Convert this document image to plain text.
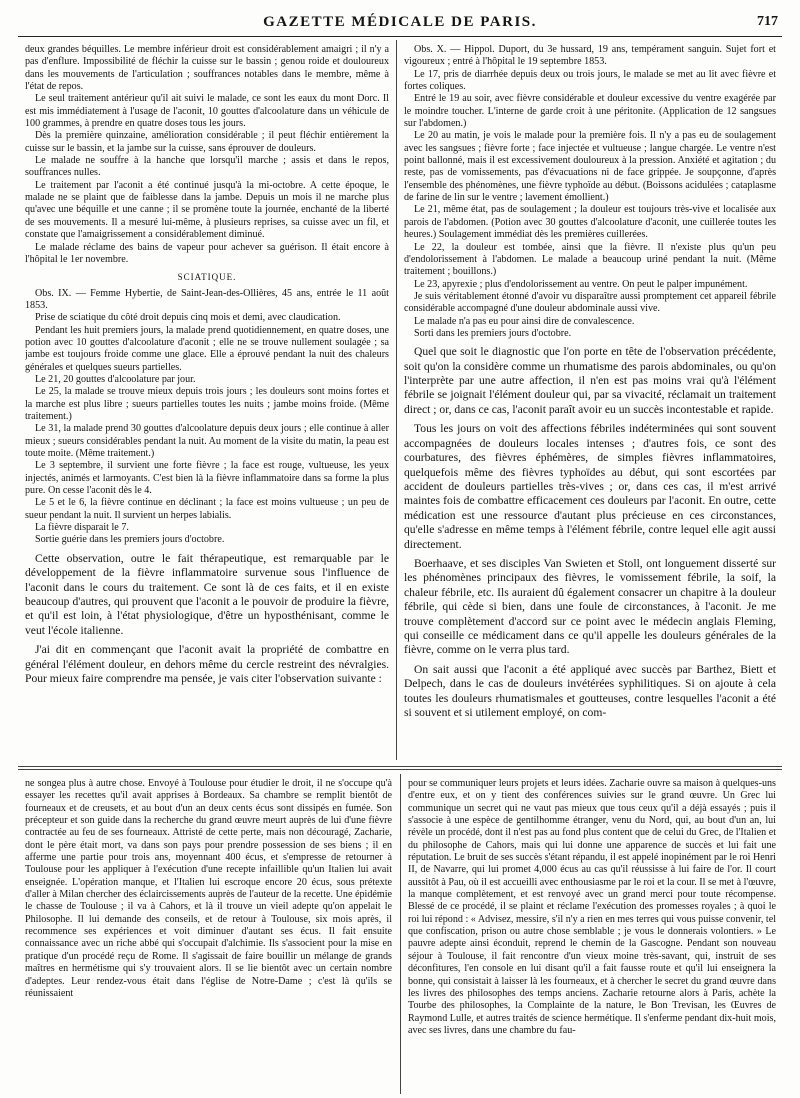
GAZETTE MÉDICALE DE PARIS.	717

deux grandes béquilles. Le membre inférieur droit est considérablement amaigri ; il n'y a pas d'enflure. Impossibilité de fléchir la cuisse sur le bassin ; genou roide et douloureux dans les mouvements de l'articulation ; souffrances notables dans le membre, même à l'état de repos.

Le seul traitement antérieur qu'il ait suivi le malade, ce sont les eaux du mont Dorc. Il est mis immédiatement à l'usage de l'aconit, 10 gouttes d'alcoolature dans un véhicule de 100 grammes, à prendre en quatre doses tous les jours.

Dès la première quinzaine, amélioration considérable ; il peut fléchir entièrement la cuisse sur le bassin, et la jambe sur la cuisse, sans éprouver de douleurs.

Le malade ne souffre à la hanche que lorsqu'il marche ; assis et dans le repos, souffrances nulles.

Le traitement par l'aconit a été continué jusqu'à la mi-octobre. A cette époque, le malade ne se plaint que de faiblesse dans la jambe. Depuis un mois il ne marche plus qu'avec une béquille et une canne ; il se promène toute la journée, enchanté de la liberté de ses mouvements. Il a mesuré lui-même, à plusieurs reprises, sa cuisse avec un fil, et constate que l'amaigrissement a considérablement diminué.

Le malade réclame des bains de vapeur pour achever sa guérison. Il était encore à l'hôpital le 1er novembre.

SCIATIQUE.

Obs. IX. — Femme Hybertie, de Saint-Jean-des-Ollières, 45 ans, entrée le 11 août 1853.

Prise de sciatique du côté droit depuis cinq mois et demi, avec claudication.

Pendant les huit premiers jours, la malade prend quotidiennement, en quatre doses, une potion avec 10 gouttes d'alcoolature d'aconit ; elle ne se trouve nullement soulagée ; sa jambe est toujours froide comme une glace. Elle a éprouvé pendant la nuit des chaleurs générales et quelques sueurs partielles.

Le 21, 20 gouttes d'alcoolature par jour.

Le 25, la malade se trouve mieux depuis trois jours ; les douleurs sont moins fortes et la marche est plus libre ; sueurs partielles toutes les nuits ; jambe moins froide. (Même traitement.)

Le 31, la malade prend 30 gouttes d'alcoolature depuis deux jours ; elle continue à aller mieux ; sueurs considérables pendant la nuit. Au moment de la visite du matin, la peau est toute moite. (Même traitement.)

Le 3 septembre, il survient une forte fièvre ; la face est rouge, vultueuse, les yeux injectés, animés et larmoyants. C'est bien là la fièvre inflammatoire dans sa forme la plus pure. On cesse l'aconit dès le 4.

Le 5 et le 6, la fièvre continue en déclinant ; la face est moins vultueuse ; un peu de sueur pendant la nuit. Il survient un herpes labialis.

La fièvre disparait le 7.

Sortie guérie dans les premiers jours d'octobre.

Cette observation, outre le fait thérapeutique, est remarquable par le développement de la fièvre inflammatoire survenue sous l'influence de l'aconit dans le cours du traitement. Ce sont là de ces faits, et il en existe beaucoup d'autres, qui prouvent que l'aconit a le pouvoir de produire la fièvre, et qu'il est loin, à l'état physiologique, d'être un hyposthénisant, comme le veut l'école italienne.

J'ai dit en commençant que l'aconit avait la propriété de combattre en général l'élément douleur, en dehors même du cercle restreint des névralgies. Pour mieux faire comprendre ma pensée, je vais citer l'observation suivante :

Obs. X. — Hippol. Duport, du 3e hussard, 19 ans, tempérament sanguin. Sujet fort et vigoureux ; entré à l'hôpital le 19 septembre 1853.

Le 17, pris de diarrhée depuis deux ou trois jours, le malade se met au lit avec fièvre et fortes coliques.

Entré le 19 au soir, avec fièvre considérable et douleur excessive du ventre exagérée par le moindre toucher. L'interne de garde croit à une péritonite. (Application de 12 sangsues sur l'abdomen.)

Le 20 au matin, je vois le malade pour la première fois. Il n'y a pas eu de soulagement avec les sangsues ; fièvre forte ; face injectée et vultueuse ; langue chargée. Le ventre n'est point ballonné, mais il est excessivement douloureux à la pression. Anxiété et agitation ; du reste, pas de vomissements, pas d'évacuations ni de face grippée. Je soupçonne, d'après l'ensemble des phénomènes, une fièvre typhoïde au début. (Boissons acidulées ; cataplasme de farine de lin sur le ventre ; lavement émollient.)

Le 21, même état, pas de soulagement ; la douleur est toujours très-vive et localisée aux parois de l'abdomen. (Potion avec 30 gouttes d'alcoolature d'aconit, une cuillerée toutes les heures.) Soulagement immédiat dès les premières cuillerées.

Le 22, la douleur est tombée, ainsi que la fièvre. Il n'existe plus qu'un peu d'endolorissement à l'abdomen. Le malade a beaucoup uriné pendant la nuit. (Même traitement ; bouillons.)

Le 23, apyrexie ; plus d'endolorissement au ventre. On peut le palper impunément.

Je suis véritablement étonné d'avoir vu disparaître aussi promptement cet appareil fébrile considérable accompagné d'une douleur abdominale aussi vive.

Le malade n'a pas eu pour ainsi dire de convalescence.

Sorti dans les premiers jours d'octobre.

Quel que soit le diagnostic que l'on porte en tête de l'observation précédente, soit qu'on la considère comme un rhumatisme des parois abdominales, ou qu'on l'interprète par une autre affection, il n'en est pas moins vrai qu'à l'élément fébrile se joignait l'élément douleur qui, par sa vivacité, réclamait un traitement direct ; or, dans ce cas, l'aconit paraît avoir eu un succès incontestable et rapide.

Tous les jours on voit des affections fébriles indéterminées qui sont souvent accompagnées de douleurs locales intenses ; d'autres fois, ce sont des courbatures, des fièvres éphémères, de simples fièvres inflammatoires, quelquefois même des fièvres typhoïdes au début, qui sont escortées par accident de douleurs partielles très-vives ; or, dans ces cas, il m'est arrivé maintes fois de combattre efficacement ces douleurs par l'aconit. En outre, cette médication est une ressource d'autant plus précieuse en ces circonstances, qu'elle s'adresse en même temps à l'élément fébrile, contre lequel elle agit aussi directement.

Boerhaave, et ses disciples Van Swieten et Stoll, ont longuement disserté sur les phénomènes principaux des fièvres, le vomissement fébrile, la soif, la chaleur fébrile, etc. Ils auraient dû également consacrer un chapitre à la douleur fébrile, qui cède si bien, dans une foule de circonstances, à l'aconit. Je me trouve complètement d'accord sur ce point avec le médecin anglais Fleming, qui conseille ce médicament dans ce qu'il appelle les douleurs générales de la fièvre, comme on le verra plus tard.

On sait aussi que l'aconit a été appliqué avec succès par Barthez, Biett et Delpech, dans le cas de douleurs invétérées syphilitiques. Si on ajoute à cela toutes les douleurs rhumatismales et goutteuses, contre lesquelles l'aconit a été si souvent et si utilement employé, on com-

ne songea plus à autre chose. Envoyé à Toulouse pour étudier le droit, il ne s'occupe qu'à essayer les recettes qu'il avait apprises à Bordeaux. Sa chambre se remplit bientôt de fourneaux et de creusets, et au bout d'un an deux cents écus sont dissipés en fumée. Son précepteur et son guide dans la recherche du grand œuvre meurt auprès de lui d'une fièvre contractée au feu de ses fourneaux. Attristé de cette perte, mais non découragé, Zacharie, dont le père était mort, va dans son pays pour prendre possession de ses biens ; il en afferme une partie pour trois ans, moyennant 400 écus, et s'empresse de retourner à Toulouse pour les appliquer à l'exécution d'une recepte infaillible qu'un Italien lui avait enseignée. L'opération manque, et l'Italien lui escroque encore 20 écus, sous prétexte d'aller à Milan chercher des éclaircissements auprès de l'auteur de la recette. Une épidémie le chasse de Toulouse ; il va à Cahors, et là il trouve un vieil adepte qu'on appelait le Philosophe. Il lui demande des conseils, et de retour à Toulouse, six mois après, il recommence ses expériences et voit diminuer d'autant ses écus. Il fait ensuite connaissance avec un riche abbé qui s'occupait d'alchimie. Ils s'associent pour la mise en pratique d'un procédé reçu de Rome. Il s'agissait de faire bouillir un mélange de grands maîtres en hermétisme qui s'y trouvaient alors. Il se lie bientôt avec un certain nombre d'adeptes. Leur rendez-vous était dans l'église de Notre-Dame ; c'est là qu'ils se réunissaient

pour se communiquer leurs projets et leurs idées. Zacharie ouvre sa maison à quelques-uns d'entre eux, et on y tient des conférences suivies sur le grand œuvre. Un Grec lui communique un secret qui ne vaut pas mieux que tous ceux qu'il a déjà essayés ; puis il s'associe à une espèce de gentilhomme étranger, venu du Nord, qui, au bout d'un an, lui révèle un procédé, dont il n'est pas au fond plus content que de celui du Grec, de l'Italien et du philosophe de Cahors, mais qui lui donne une apparence de succès et lui fait une réputation. Le bruit de ses succès s'étant répandu, il est appelé inopinément par le roi Henri II, de Navarre, qui lui promet 4,000 écus au cas qu'il réussisse à lui faire de l'or. Il court aussitôt à Pau, où il est accueilli avec enthousiasme par le roi et la cour. Il se met à l'œuvre, la manque complètement, et est renvoyé avec un grand merci pour toute récompense. Blessé de ce procédé, il se plaint et réclame l'exécution des promesses royales ; à quoi le roi lui répond : « Advisez, messire, s'il n'y a rien en mes terres qui vous puisse convenir, tel que confiscation, prison ou autre chose semblable ; je vous le donnerais volontiers. » Le pauvre adepte ainsi éconduit, reprend le chemin de la Gascogne. Pendant son nouveau séjour à Toulouse, il fait rencontre d'un vieux moine très-savant, qui, instruit de ses déconfitures, l'en console en lui disant qu'il a fait fausse route et qu'il lui enseignera la bonne, qui consistait à laisser là les fourneaux, et à chercher le secret du grand œuvre dans les livres des philosophes des temps anciens. Zacharie retourne alors à Paris, achète la Tourbe des philosophes, la Complainte de la nature, le Bon Trevisan, les Œuvres de Raymond Lulle, et autres traités de science hermétique. Il s'enferme pendant dix-huit mois, avec ses livres, dans une chambre du fau-
